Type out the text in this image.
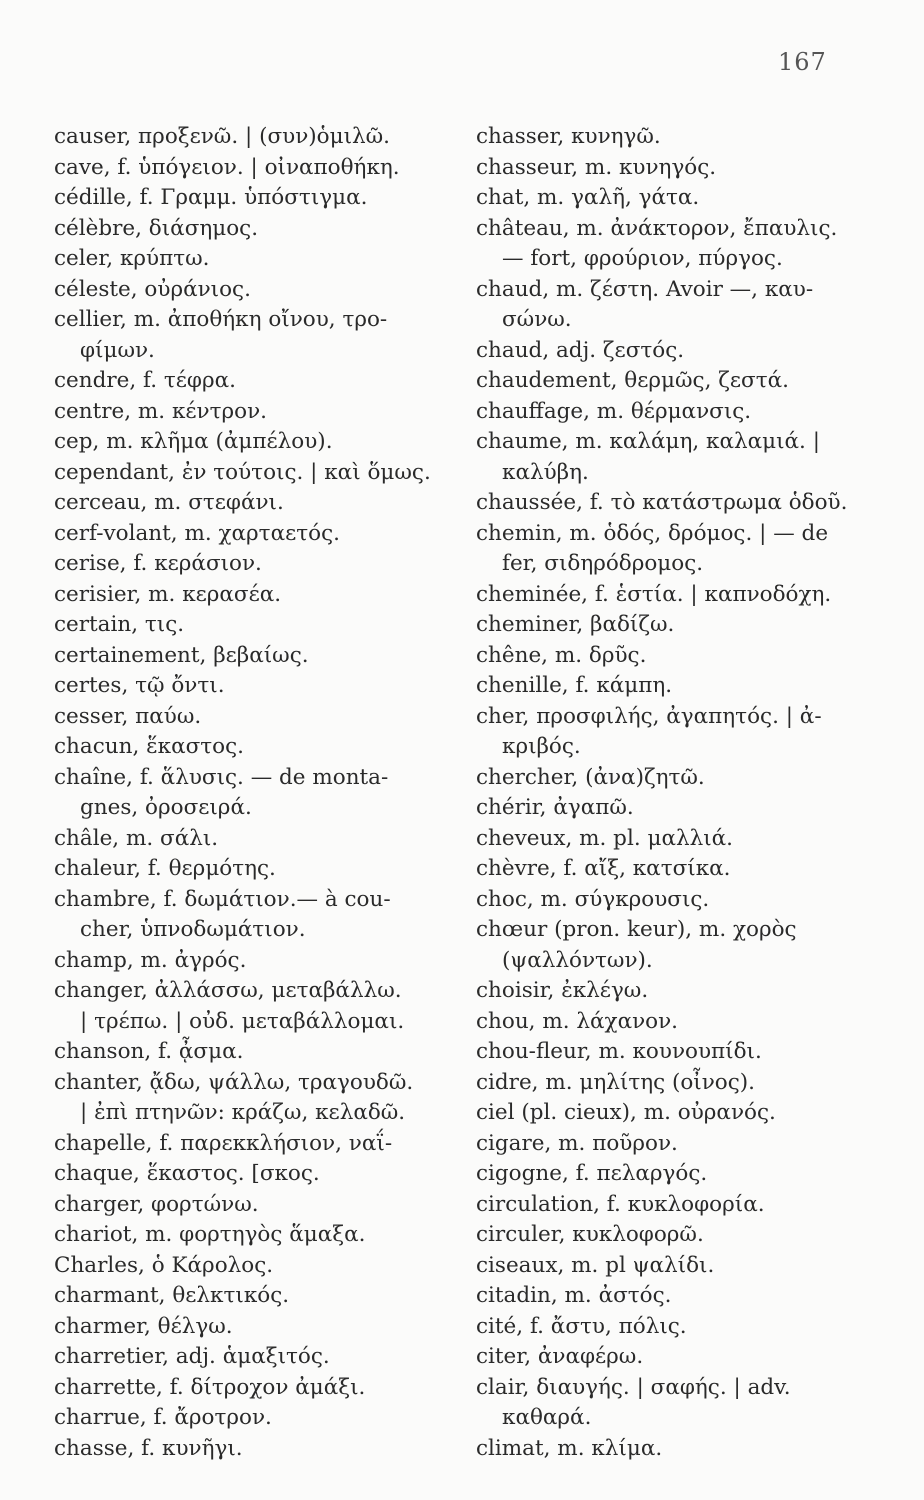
167
causer, προξενῶ. | (συν)ὁμιλῶ.
cave, f. ὑπόγειον. | οἰναποθήκη.
cédille, f. Γραμμ. ὑπόστιγμα.
célèbre, διάσημος.
celer, κρύπτω.
céleste, οὐράνιος.
cellier, m. ἀποθήκη οἴνου, τρο-
φίμων.
cendre, f. τέφρα.
centre, m. κέντρον.
cep, m. κλῆμα (ἀμπέλου).
cependant, ἐν τούτοις. | καὶ ὅμως.
cerceau, m. στεφάνι.
cerf-volant, m. χαρταετός.
cerise, f. κεράσιον.
cerisier, m. κερασέα.
certain, τις.
certainement, βεβαίως.
certes, τῷ ὄντι.
cesser, παύω.
chacun, ἕκαστος.
chaîne, f. ἅλυσις. — de monta-
gnes, ὀροσειρά.
châle, m. σάλι.
chaleur, f. θερμότης.
chambre, f. δωμάτιον.— à cou-
cher, ὑπνοδωμάτιον.
champ, m. ἀγρός.
changer, ἀλλάσσω, μεταβάλλω.
| τρέπω. | οὐδ. μεταβάλλομαι.
chanson, f. ᾆσμα.
chanter, ᾄδω, ψάλλω, τραγουδῶ.
| ἐπὶ πτηνῶν: κράζω, κελαδῶ.
chapelle, f. παρεκκλήσιον, ναΐ-
chaque, ἕκαστος. [σκος.
charger, φορτώνω.
chariot, m. φορτηγὸς ἅμαξα.
Charles, ὁ Κάρολος.
charmant, θελκτικός.
charmer, θέλγω.
charretier, adj. ἁμαξιτός.
charrette, f. δίτροχον ἀμάξι.
charrue, f. ἄροτρον.
chasse, f. κυνῆγι.
chasser, κυνηγῶ.
chasseur, m. κυνηγός.
chat, m. γαλῆ, γάτα.
château, m. ἀνάκτορον, ἔπαυλις.
— fort, φρούριον, πύργος.
chaud, m. ζέστη. Avoir —, καυ-
σώνω.
chaud, adj. ζεστός.
chaudement, θερμῶς, ζεστά.
chauffage, m. θέρμανσις.
chaume, m. καλάμη, καλαμιά. |
καλύβη.
chaussée, f. τὸ κατάστρωμα ὁδοῦ.
chemin, m. ὁδός, δρόμος. | — de
fer, σιδηρόδρομος.
cheminée, f. ἑστία. | καπνοδόχη.
cheminer, βαδίζω.
chêne, m. δρῦς.
chenille, f. κάμπη.
cher, προσφιλής, ἀγαπητός. | ἀ-
κριβός.
chercher, (ἀνα)ζητῶ.
chérir, ἀγαπῶ.
cheveux, m. pl. μαλλιά.
chèvre, f. αἴξ, κατσίκα.
choc, m. σύγκρουσις.
chœur (pron. keur), m. χορὸς
(ψαλλόντων).
choisir, ἐκλέγω.
chou, m. λάχανον.
chou-fleur, m. κουνουπίδι.
cidre, m. μηλίτης (οἶνος).
ciel (pl. cieux), m. οὐρανός.
cigare, m. ποῦρον.
cigogne, f. πελαργός.
circulation, f. κυκλοφορία.
circuler, κυκλοφορῶ.
ciseaux, m. pl ψαλίδι.
citadin, m. ἀστός.
cité, f. ἄστυ, πόλις.
citer, ἀναφέρω.
clair, διαυγής. | σαφής. | adv.
καθαρά.
climat, m. κλίμα.
